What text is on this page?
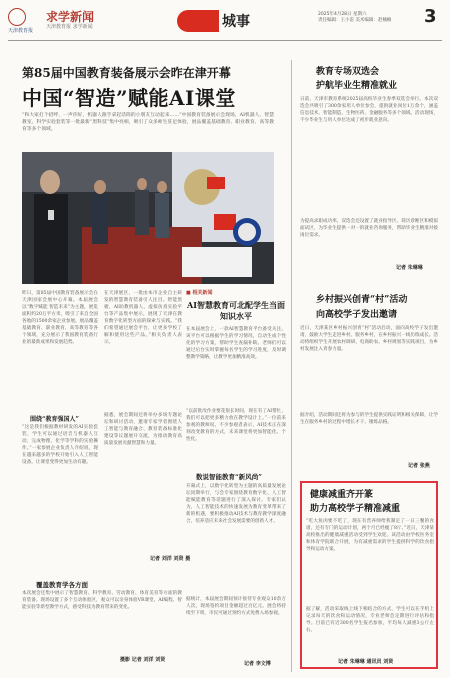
天津教育报
求学新闻
天津教育报 求学新闻	城事	2025年4月28日 星期六
责任编辑：王小雷 美术编辑：赵楠楠	3
第85届中国教育装备展示会昨在津开幕
中国“智造”赋能AI课堂
“和大家打个招呼，一声你好，机器人跟手拿起话筒的小朋友互动起来……”中国教育装备展示会现场，AI机器人、智慧教室、科学实验套装等一批最新“黑科技”集中亮相，吸引了众多师生驻足体验，展品覆盖基础教育、职业教育、高等教育等多个领域。
昨日，第85届中国教育装备展示会在天津国家会展中心开幕。本届展会以“数字赋能 智造未来”为主题，展览面积约20万平方米，吸引了来自全国各地的1500余家企业参展。展品覆盖基础教育、职业教育、高等教育等各个领域，充分展示了我国教育装备行业的最新成果和发展趋势。
围绕“教育强国人”
“这是我们根据教材研发的AI实验套装，学生可以通过语音与机器人互动，完成物理、化学等学科的实验操作。”一家参展企业负责人介绍说，现在越来越多的学校开始引入人工智能设备，让课堂变得更加生动有趣。
在天津展区，一批由本市企业自主研发的智慧教育装备引人注目。智能黑板、AI助教机器人、虚拟仿真实验平台等产品集中展示，展现了天津在教育数字化转型方面的探索与实践。“我们希望通过展会平台，让更多学校了解和使用这些产品。”相关负责人表示。
据悉，展会期间还将举办多场专题论坛和研讨活动，邀请专家学者围绕人工智能与教育融合、教育装备标准化建设等议题展开交流，为推动教育高质量发展贡献智慧和力量。
记者 刘洋 刘贤 摄
覆盖教育学各方面
本次展会还集中展示了智慧教育、科学教育、劳动教育、体育美育等方面的教育装备。现场设置了多个互动体验区，观众可以亲身体验VR课堂、AI编程、智能实验等新型教学方式，感受科技为教育带来的变化。
摄影 记者 刘洋 刘贤
■ 相关新闻
AI智慧教育可北配学生当面知识水平
在本届展会上，一款AI智慧教育平台备受关注。该平台可以根据学生的学习情况，自动生成个性化的学习方案，帮助学生查漏补缺。老师们可以通过后台实时掌握每名学生的学习进度，及时调整教学策略，让教学更加精准高效。
“以前批改作业要花很长时间，现在有了AI帮忙，我们可以把更多精力放在教学设计上。”一位前来参观的教师说。不少参观者表示，AI技术正在深刻改变教育的方式，未来课堂将更加智能化、个性化。
数说智能教育“新风尚”
开幕式上，以数字化转型为主题的高质量发展论坛同期举行，与会专家围绕教育数字化、人工智能赋能教育等话题进行了深入探讨。专家们认为，人工智能技术的快速发展为教育变革带来了新的机遇，要积极推动AI技术与教育教学深度融合，培养适应未来社会发展需要的创新人才。
据统计，本届展会期间预计接待专业观众10余万人次，现场签约项目金额超过百亿元。展会将持续至下周，市民可通过预约方式免费入场参观。
记者 李文博
教育专场双选会
护航毕业生精准就业
日前，天津市教育系统2025届高校毕业生春季双选会举行。本次双选会共吸引了300余家用人单位参会，提供就业岗位1万余个，涵盖信息技术、智能制造、生物医药、金融服务等多个领域。活动现场，不少毕业生与用人单位达成了初步就业意向。
为提高求职成功率，双选会还设置了就业指导区、简历诊断区和模拟面试区，为毕业生提供一对一的就业咨询服务，帮助毕业生精准对接岗位需求。
记者 朱琳琳
乡村振兴创青“村”活动
向高校学子发出邀请
近日，天津某区乡村振兴创青“村”活动启动，面向高校学子发出邀请，鼓励大学生走进乡村、服务乡村，在乡村振兴一线历练成长。活动将组织学生开展农村调研、电商助农、乡村规划等实践项目，为乡村发展注入青春力量。
据介绍，活动期间还将为参与的学生提供实践证明和相关保障，让学生在服务乡村的过程中增长才干、锤炼品格。
记者 张燕
健康减重齐开篆
助力高校学子精准减重
“吃大鱼肉要不吃了，现在有营养师给我制定了一日三餐的食谱，还有专门的运动计划，两个月已经瘦了8斤。”近日，天津某高校推出的健康减重活动受到学生欢迎。该活动由学校医务室和体育学院联合开展，为有减重需求的学生提供科学的饮食指导和运动方案。
据了解，活动采取线上线下相结合的方式，学生可以在手机上记录每天的饮食和运动情况，专业老师会定期进行评估和指导。目前已有近300名学生报名参加，平均每人减重3公斤左右。
记者 朱琳琳 通讯员 刘贤
